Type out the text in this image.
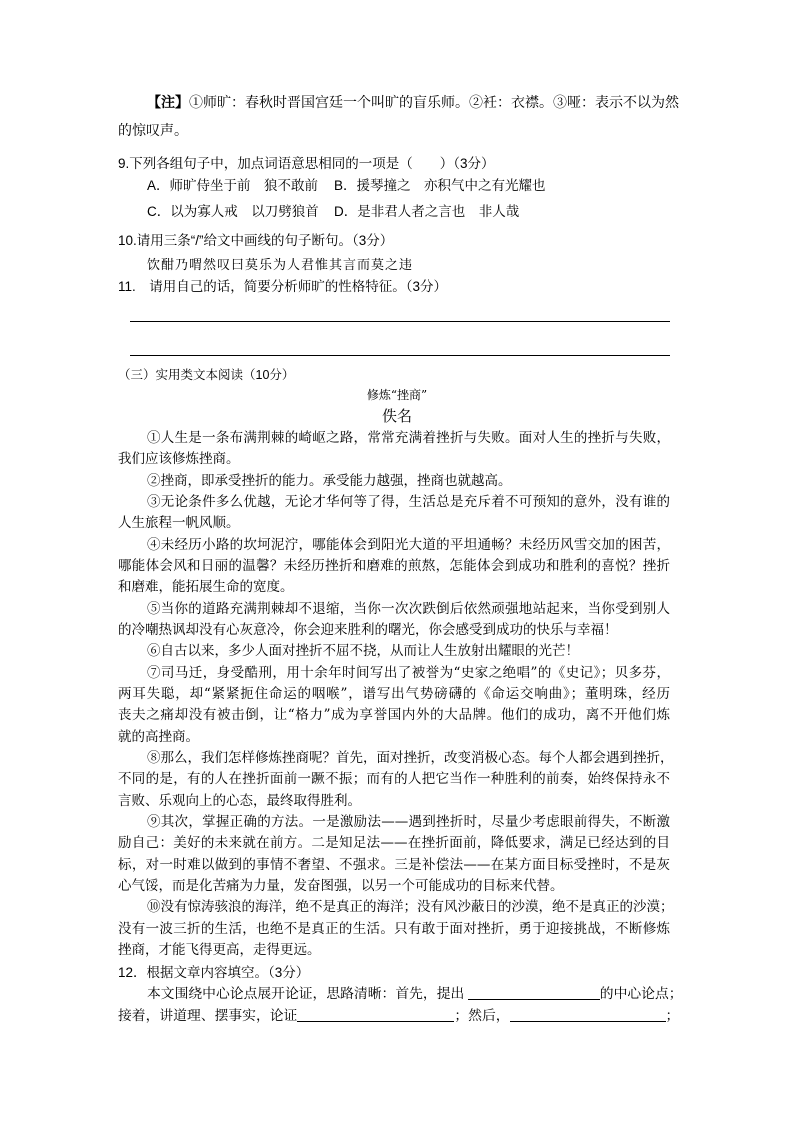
【注】①师旷：春秋时晋国宫廷一个叫旷的盲乐师。②衽：衣襟。③哑：表示不以为然
的惊叹声。
9.下列各组句子中，加点词语意思相同的一项是（　　）（3分）
A．师旷侍坐于前　狼不敢前	B．援琴撞之　亦积气中之有光耀也
C．以为寡人戒　以刀劈狼首	D．是非君人者之言也　非人哉
10.请用三条“/”给文中画线的句子断句。（3分）
饮酣乃喟然叹曰莫乐为人君惟其言而莫之违
11.　请用自己的话，简要分析师旷的性格特征。（3分）
（三）实用类文本阅读（10分）
修炼“挫商”
佚名
①人生是一条布满荆棘的崎岖之路，常常充满着挫折与失败。面对人生的挫折与失败，
我们应该修炼挫商。
②挫商，即承受挫折的能力。承受能力越强，挫商也就越高。
③无论条件多么优越，无论才华何等了得，生活总是充斥着不可预知的意外，没有谁的
人生旅程一帆风顺。
④未经历小路的坎坷泥泞，哪能体会到阳光大道的平坦通畅？未经历风雪交加的困苦，
哪能体会风和日丽的温馨？未经历挫折和磨难的煎熬，怎能体会到成功和胜利的喜悦？挫折
和磨难，能拓展生命的宽度。
⑤当你的道路充满荆棘却不退缩，当你一次次跌倒后依然顽强地站起来，当你受到别人
的冷嘲热讽却没有心灰意冷，你会迎来胜利的曙光，你会感受到成功的快乐与幸福！
⑥自古以来，多少人面对挫折不屈不挠，从而让人生放射出耀眼的光芒！
⑦司马迁，身受酷刑，用十余年时间写出了被誉为“史家之绝唱”的《史记》；贝多芬，
两耳失聪，却“紧紧扼住命运的咽喉”，谱写出气势磅礴的《命运交响曲》；董明珠，经历
丧夫之痛却没有被击倒，让“格力”成为享誉国内外的大品牌。他们的成功，离不开他们炼
就的高挫商。
⑧那么，我们怎样修炼挫商呢？首先，面对挫折，改变消极心态。每个人都会遇到挫折，
不同的是，有的人在挫折面前一蹶不振；而有的人把它当作一种胜利的前奏，始终保持永不
言败、乐观向上的心态，最终取得胜利。
⑨其次，掌握正确的方法。一是激励法——遇到挫折时，尽量少考虑眼前得失，不断激
励自己：美好的未来就在前方。二是知足法——在挫折面前，降低要求，满足已经达到的目
标，对一时难以做到的事情不奢望、不强求。三是补偿法——在某方面目标受挫时，不是灰
心气馁，而是化苦痛为力量，发奋图强，以另一个可能成功的目标来代替。
⑩没有惊涛骇浪的海洋，绝不是真正的海洋；没有风沙蔽日的沙漠，绝不是真正的沙漠；
没有一波三折的生活，也绝不是真正的生活。只有敢于面对挫折，勇于迎接挑战，不断修炼
挫商，才能飞得更高，走得更远。
12．根据文章内容填空。（3分）
本文围绕中心论点展开论证，思路清晰：首先，提出	的中心论点；
接着，讲道理、摆事实，论证	；然后，	；
